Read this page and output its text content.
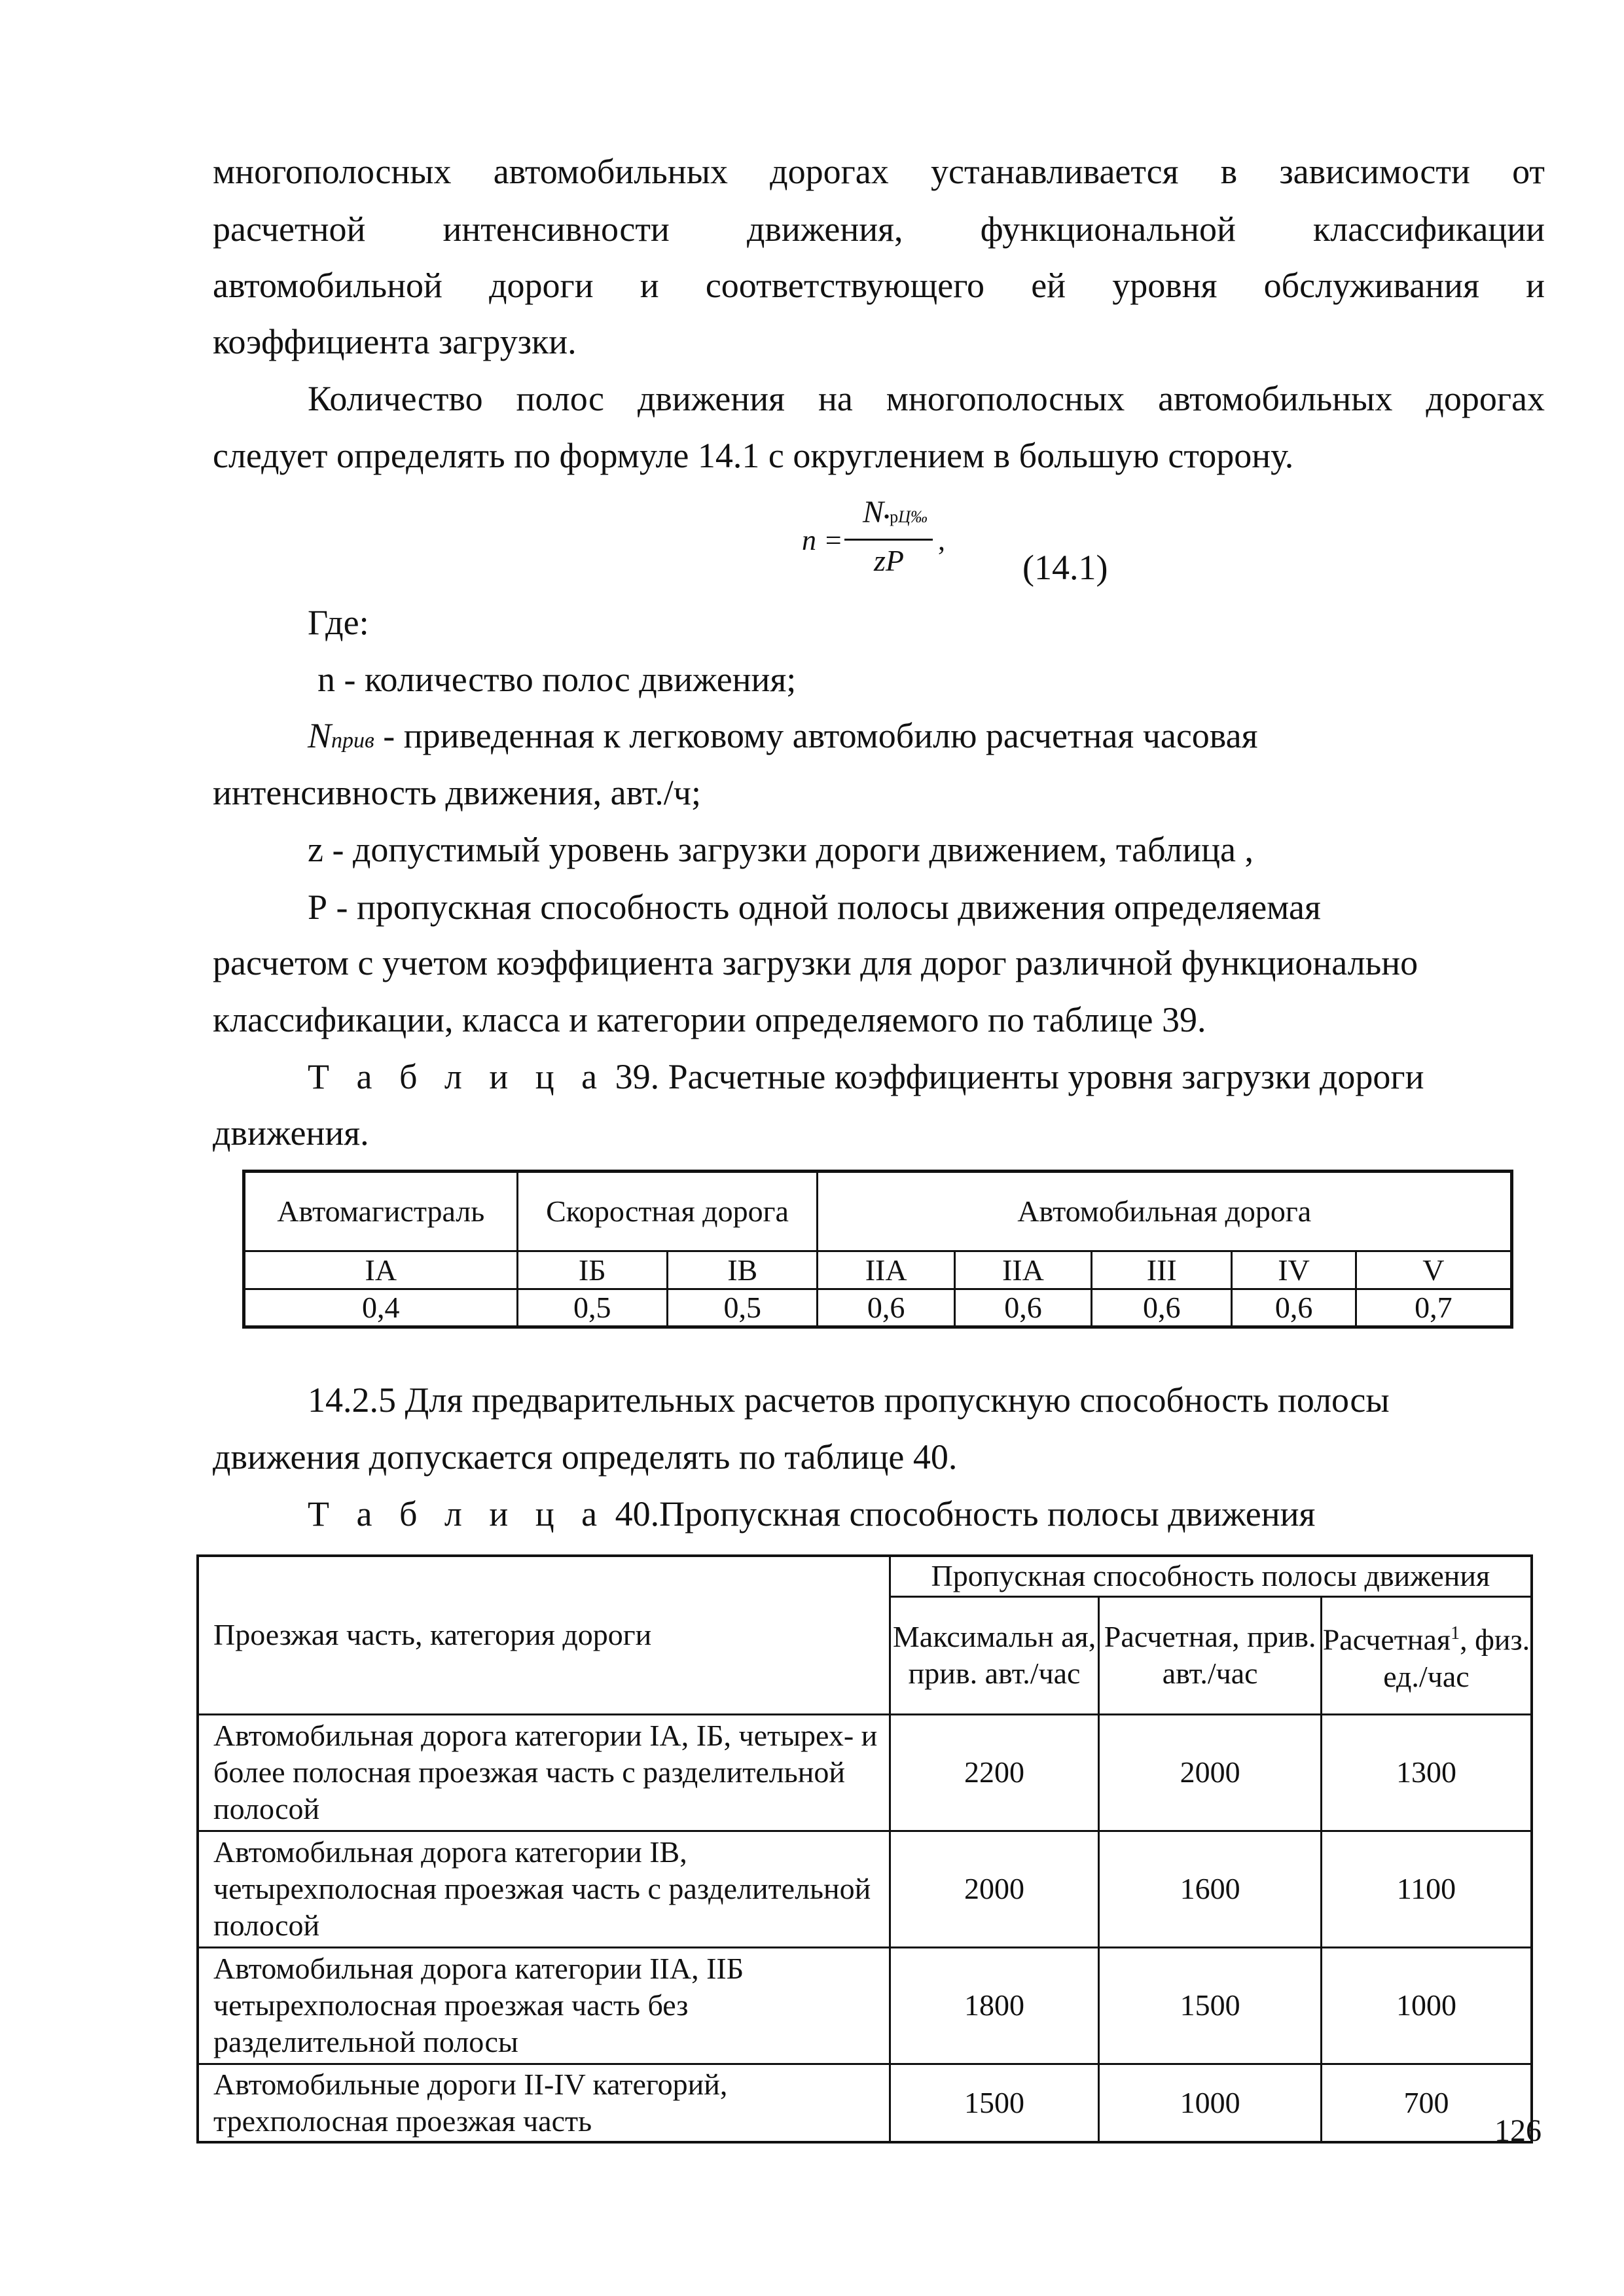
многополосных автомобильных дорогах устанавливается в зависимости от
расчетной интенсивности движения, функциональной классификации
автомобильной дороги и соответствующего ей уровня обслуживания и
коэффициента загрузки.
Количество полос движения на многополосных автомобильных дорогах
следует определять по формуле 14.1 с округлением в большую сторону.
n =
N•рЦ‰
zP
,
(14.1)
Где:
n - количество полос движения;
Nприв - приведенная к легковому автомобилю расчетная часовая
интенсивность движения, авт./ч;
z - допустимый уровень загрузки дороги движением, таблица ,
Р - пропускная способность одной полосы движения определяемая
расчетом с учетом коэффициента загрузки для дорог различной функционально
классификации, класса и категории определяемого по таблице 39.
Т а б л и ц а 39. Расчетные коэффициенты уровня загрузки дороги
движения.
Автомагистраль	Скоростная дорога		Автомобильная дорога				
IА	IБ	IВ	IIА	IIА	III	IV	V
0,4	0,5	0,5	0,6	0,6	0,6	0,6	0,7
14.2.5 Для предварительных расчетов пропускную способность полосы
движения допускается определять по таблице 40.
Т а б л и ц а 40.Пропускная способность полосы движения
Проезжая часть, категория дороги	Пропускная способность полосы движения		
	Максимальн ая, прив. авт./час	Расчетная, прив. авт./час	Расчетная$^1$, физ. ед./час
Автомобильная дорога категории IА, IБ, четырех- и более полосная проезжая часть с разделительной полосой	2200	2000	1300
Автомобильная дорога категории IВ, четырехполосная проезжая часть с разделительной полосой	2000	1600	1100
Автомобильная дорога категории IIА, IIБ четырехполосная проезжая часть без разделительной полосы	1800	1500	1000
Автомобильные дороги II-IV категорий, трехполосная проезжая часть	1500	1000	700
126
